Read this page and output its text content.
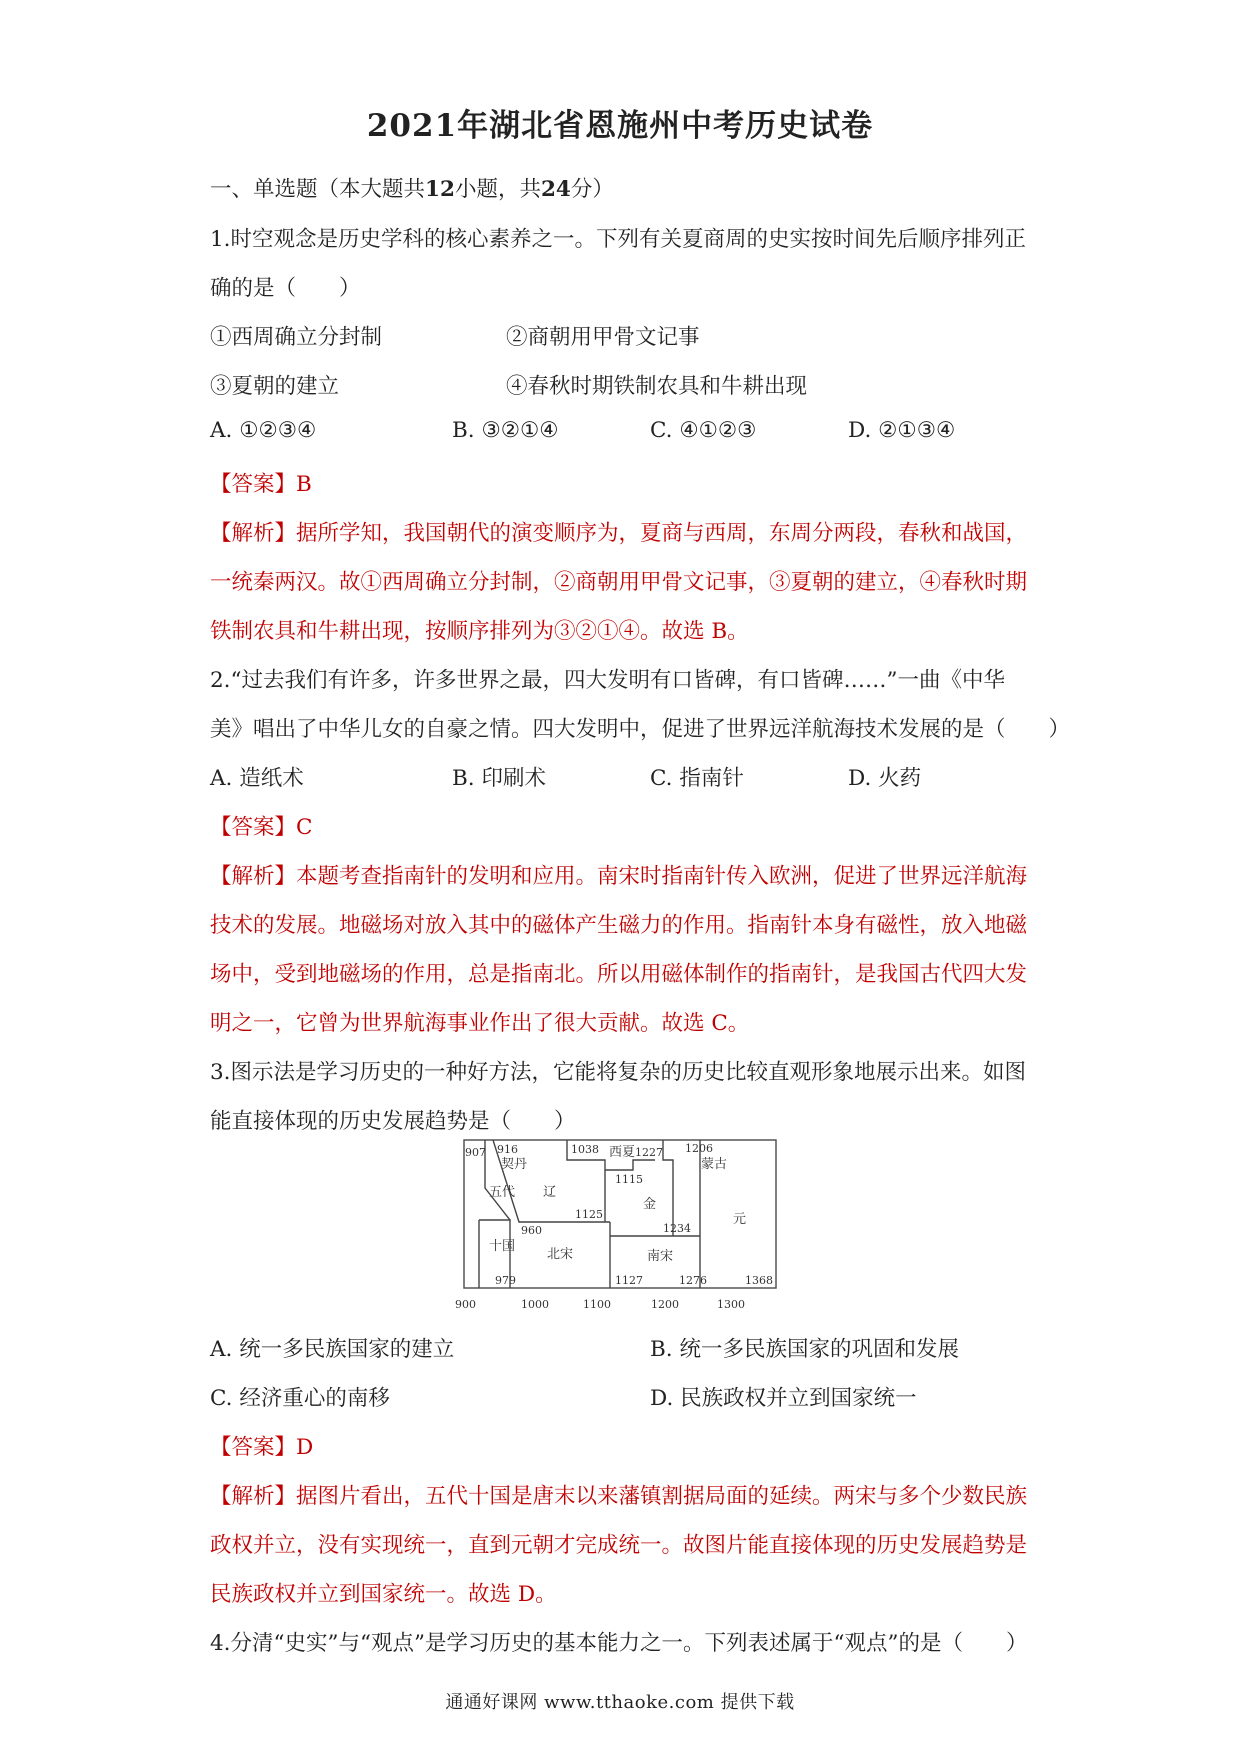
2021年湖北省恩施州中考历史试卷
一、单选题（本大题共12小题，共24分）
1.时空观念是历史学科的核心素养之一。下列有关夏商周的史实按时间先后顺序排列正
确的是（　　）
①西周确立分封制	②商朝用甲骨文记事
③夏朝的建立	④春秋时期铁制农具和牛耕出现
A. ①②③④	B. ③②①④	C. ④①②③	D. ②①③④
【答案】B
【解析】据所学知，我国朝代的演变顺序为，夏商与西周，东周分两段，春秋和战国，
一统秦两汉。故①西周确立分封制，②商朝用甲骨文记事，③夏朝的建立，④春秋时期
铁制农具和牛耕出现，按顺序排列为③②①④。故选 B。
2.“过去我们有许多，许多世界之最，四大发明有口皆碑，有口皆碑……”一曲《中华
美》唱出了中华儿女的自豪之情。四大发明中，促进了世界远洋航海技术发展的是（　　）
A. 造纸术	B. 印刷术	C. 指南针	D. 火药
【答案】C
【解析】本题考查指南针的发明和应用。南宋时指南针传入欧洲，促进了世界远洋航海
技术的发展。地磁场对放入其中的磁体产生磁力的作用。指南针本身有磁性，放入地磁
场中，受到地磁场的作用，总是指南北。所以用磁体制作的指南针，是我国古代四大发
明之一，它曾为世界航海事业作出了很大贡献。故选 C。
3.图示法是学习历史的一种好方法，它能将复杂的历史比较直观形象地展示出来。如图
能直接体现的历史发展趋势是（　　）
契丹
五代
十国
辽
西夏
蒙古
金
北宋	南宋
元
907 916	1038	1227 1206
1115
1125
960	1234
979	1127	1276	1368
900	1000	1100	1200	1300
A. 统一多民族国家的建立	B. 统一多民族国家的巩固和发展
C. 经济重心的南移	D. 民族政权并立到国家统一
【答案】D
【解析】据图片看出，五代十国是唐末以来藩镇割据局面的延续。两宋与多个少数民族
政权并立，没有实现统一，直到元朝才完成统一。故图片能直接体现的历史发展趋势是
民族政权并立到国家统一。故选 D。
4.分清“史实”与“观点”是学习历史的基本能力之一。下列表述属于“观点”的是（　　）
通通好课网 www.tthaoke.com 提供下载
